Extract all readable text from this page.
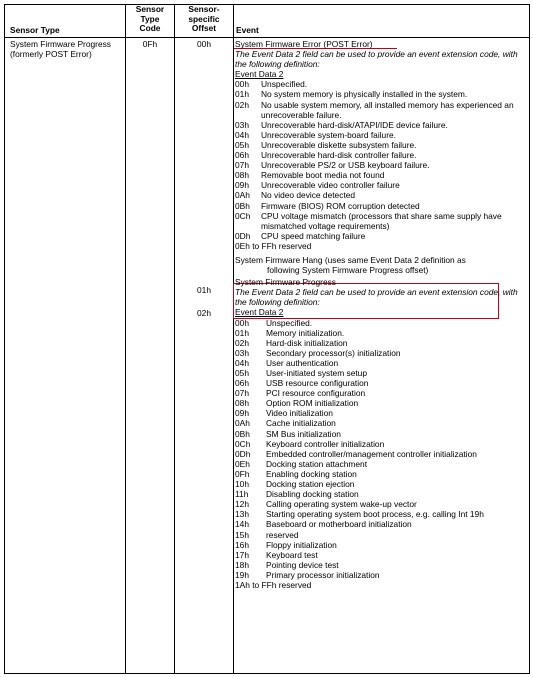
Sensor Type
Sensor Type Code
Sensor-specific Offset	Event
System Firmware Progress (formerly POST Error)
0Fh	00h
01h
02h
System Firmware Error (POST Error)
The Event Data 2 field can be used to provide an event extension code, with the following definition:
Event Data 2
00h Unspecified.
01h No system memory is physically installed in the system.
02h No usable system memory, all installed memory has experienced an unrecoverable failure.
03h Unrecoverable hard-disk/ATAPI/IDE device failure.
04h Unrecoverable system-board failure.
05h Unrecoverable diskette subsystem failure.
06h Unrecoverable hard-disk controller failure.
07h Unrecoverable PS/2 or USB keyboard failure.
08h Removable boot media not found
09h Unrecoverable video controller failure
0Ah No video device detected
0Bh Firmware (BIOS) ROM corruption detected
0Ch CPU voltage mismatch (processors that share same supply have mismatched voltage requirements)
0Dh CPU speed matching failure
0Eh to FFh reserved
System Firmware Hang (uses same Event Data 2 definition as
following System Firmware Progress offset)
System Firmware Progress
The Event Data 2 field can be used to provide an event extension code, with the following definition:
Event Data 2
00h Unspecified.
01h Memory initialization.
02h Hard-disk initialization
03h Secondary processor(s) initialization
04h User authentication
05h User-initiated system setup
06h USB resource configuration
07h PCI resource configuration
08h Option ROM initialization
09h Video initialization
0Ah Cache initialization
0Bh SM Bus initialization
0Ch Keyboard controller initialization
0Dh Embedded controller/management controller initialization
0Eh Docking station attachment
0Fh Enabling docking station
10h Docking station ejection
11h Disabling docking station
12h Calling operating system wake-up vector
13h Starting operating system boot process, e.g. calling Int 19h
14h Baseboard or motherboard initialization
15h reserved
16h Floppy initialization
17h Keyboard test
18h Pointing device test
19h Primary processor initialization
1Ah to FFh reserved
